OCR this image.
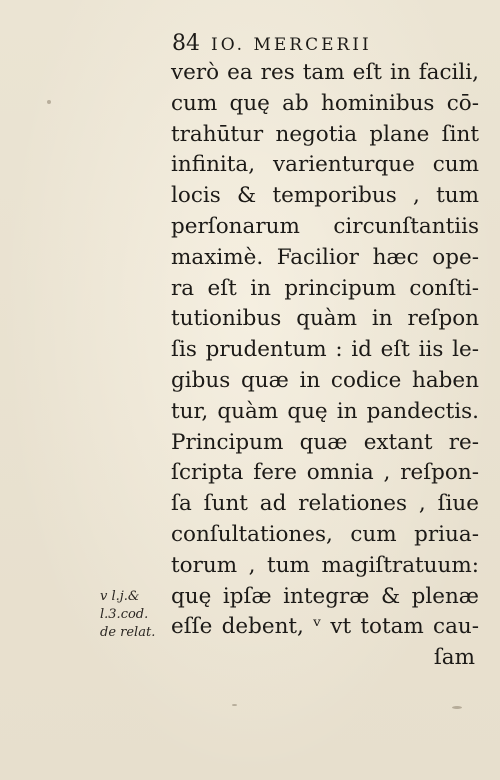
84 IO. MERCERII
verò ea res tam eſt in facili,
cum quę ab hominibus cō-
trahūtur negotia plane ſint
infinita, varienturque cum
locis & temporibus , tum
perſonarum circunſtantiis
maximè. Facilior hæc ope-
ra eſt in principum conſti-
tutionibus quàm in reſpon
ſis prudentum : id eſt iis le-
gibus quæ in codice haben
tur, quàm quę in pandectis.
Principum quæ extant re-
ſcripta fere omnia , reſpon-
ſa ſunt ad relationes , ſiue
conſultationes, cum priua-
torum , tum magiſtratuum:
quę ipſæ integræ & plenæ
eſſe debent, ᵛ vt totam cau-
ſam
v l.j.&
l.3.cod.
de relat.
